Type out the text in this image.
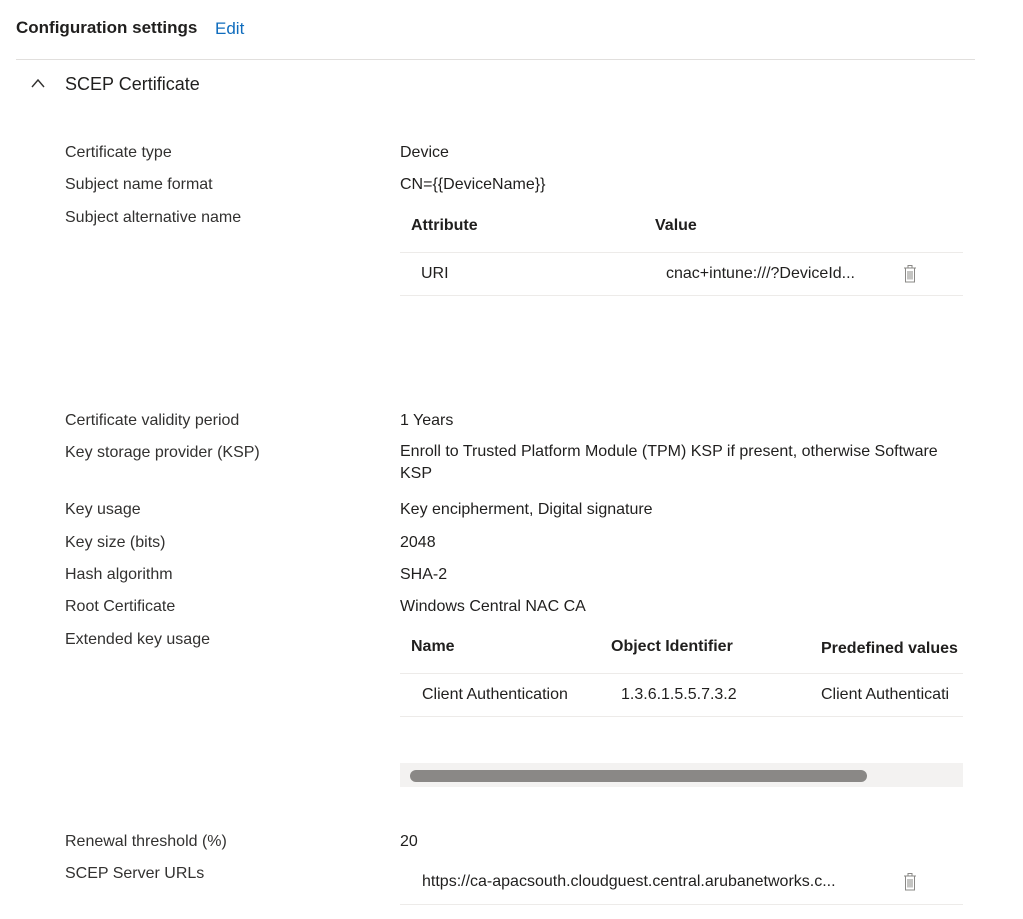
Configuration settings Edit
SCEP Certificate
Certificate type	Device
Subject name format	CN={{DeviceName}}
Subject alternative name	Attribute	Value
URI	cnac+intune:///?DeviceId...
Certificate validity period	1 Years
Key storage provider (KSP)	Enroll to Trusted Platform Module (TPM) KSP if present, otherwise Software KSP
Key usage	Key encipherment, Digital signature
Key size (bits)	2048
Hash algorithm	SHA-2
Root Certificate	Windows Central NAC CA
Extended key usage	Name	Object Identifier	Predefined values
Client Authentication	1.3.6.1.5.5.7.3.2	Client Authenticati
Renewal threshold (%)	20
SCEP Server URLs	https://ca-apacsouth.cloudguest.central.arubanetworks.c...
